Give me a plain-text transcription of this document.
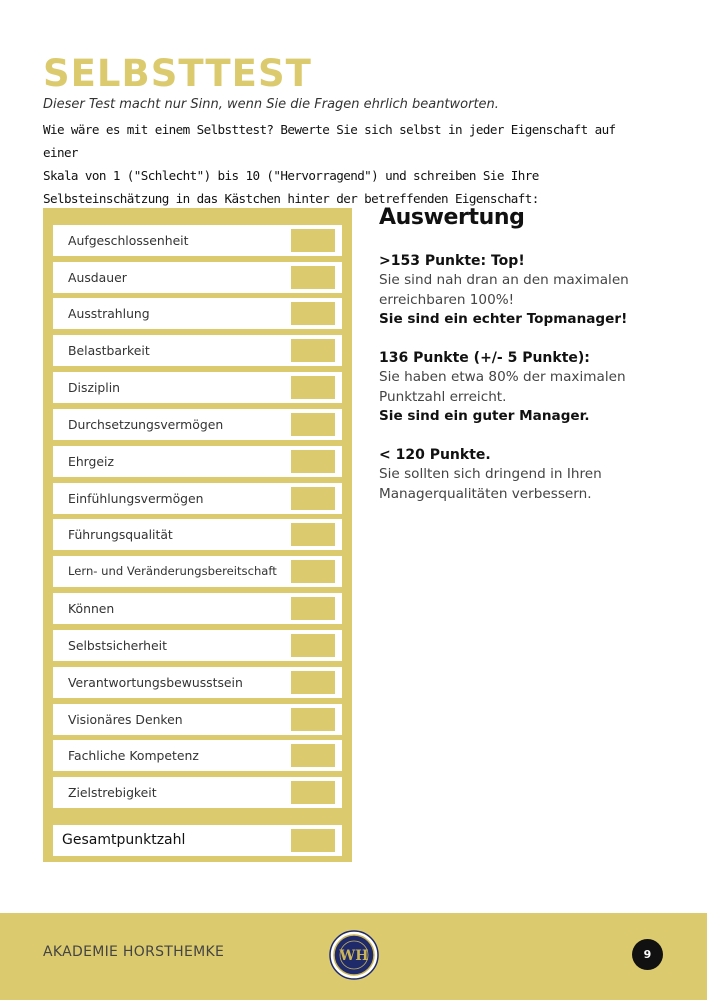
SELBSTTEST

Dieser Test macht nur Sinn, wenn Sie die Fragen ehrlich beantworten.

Wie wäre es mit einem Selbsttest? Bewerte Sie sich selbst in jeder Eigenschaft auf einer
Skala von 1 ("Schlecht") bis 10 ("Hervorragend") und schreiben Sie Ihre
Selbsteinschätzung in das Kästchen hinter der betreffenden Eigenschaft:
Aufgeschlossenheit
Ausdauer
Ausstrahlung
Belastbarkeit
Disziplin
Durchsetzungsvermögen
Ehrgeiz
Einfühlungsvermögen
Führungsqualität
Lern- und Veränderungsbereitschaft
Können
Selbstsicherheit
Verantwortungsbewusstsein
Visionäres Denken
Fachliche Kompetenz
Zielstrebigkeit
Gesamtpunktzahl
Auswertung
>153 Punkte: Top!
Sie sind nah dran an den maximalen erreichbaren 100%!
Sie sind ein echter Topmanager!
136 Punkte (+/- 5 Punkte):
Sie haben etwa 80% der maximalen Punktzahl erreicht.
Sie sind ein guter Manager.
< 120 Punkte.
Sie sollten sich dringend in Ihren Managerqualitäten verbessern.
AKADEMIE HORSTHEMKE	WH	9
